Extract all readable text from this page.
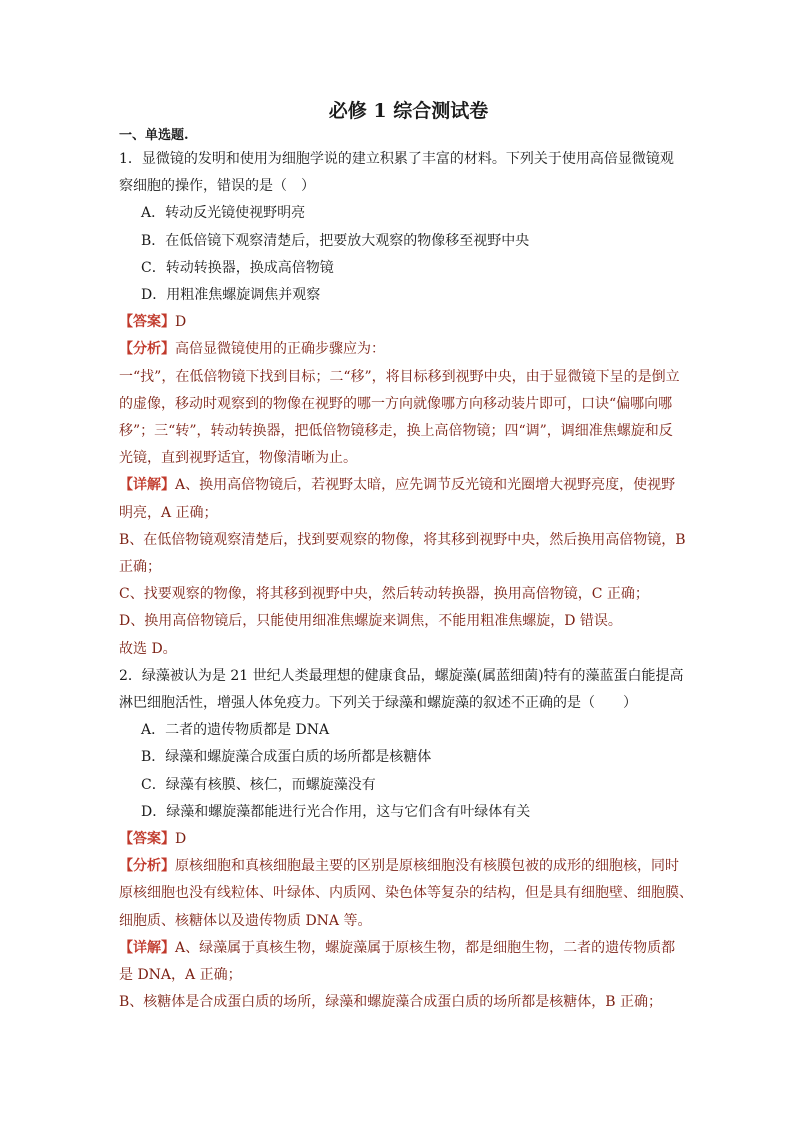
必修 1 综合测试卷
一、单选题.

1．显微镜的发明和使用为细胞学说的建立积累了丰富的材料。下列关于使用高倍显微镜观

察细胞的操作，错误的是（　）

A．转动反光镜使视野明亮

B．在低倍镜下观察清楚后，把要放大观察的物像移至视野中央

C．转动转换器，换成高倍物镜

D．用粗准焦螺旋调焦并观察

【答案】D

【分析】高倍显微镜使用的正确步骤应为：

一“找”，在低倍物镜下找到目标；二“移”，将目标移到视野中央，由于显微镜下呈的是倒立

的虚像，移动时观察到的物像在视野的哪一方向就像哪方向移动装片即可，口诀“偏哪向哪

移”；三“转”，转动转换器，把低倍物镜移走，换上高倍物镜；四“调”，调细准焦螺旋和反

光镜，直到视野适宜，物像清晰为止。

【详解】A、换用高倍物镜后，若视野太暗，应先调节反光镜和光圈增大视野亮度，使视野

明亮，A 正确；

B、在低倍物镜观察清楚后，找到要观察的物像，将其移到视野中央，然后换用高倍物镜，B

正确；

C、找要观察的物像，将其移到视野中央，然后转动转换器，换用高倍物镜，C 正确；

D、换用高倍物镜后，只能使用细准焦螺旋来调焦，不能用粗准焦螺旋，D 错误。

故选 D。

2．绿藻被认为是 21 世纪人类最理想的健康食品，螺旋藻(属蓝细菌)特有的藻蓝蛋白能提高

淋巴细胞活性，增强人体免疫力。下列关于绿藻和螺旋藻的叙述不正确的是（　　）

A．二者的遗传物质都是 DNA

B．绿藻和螺旋藻合成蛋白质的场所都是核糖体

C．绿藻有核膜、核仁，而螺旋藻没有

D．绿藻和螺旋藻都能进行光合作用，这与它们含有叶绿体有关

【答案】D

【分析】原核细胞和真核细胞最主要的区别是原核细胞没有核膜包被的成形的细胞核，同时

原核细胞也没有线粒体、叶绿体、内质网、染色体等复杂的结构，但是具有细胞壁、细胞膜、

细胞质、核糖体以及遗传物质 DNA 等。

【详解】A、绿藻属于真核生物，螺旋藻属于原核生物，都是细胞生物，二者的遗传物质都

是 DNA，A 正确；

B、核糖体是合成蛋白质的场所，绿藻和螺旋藻合成蛋白质的场所都是核糖体，B 正确；
